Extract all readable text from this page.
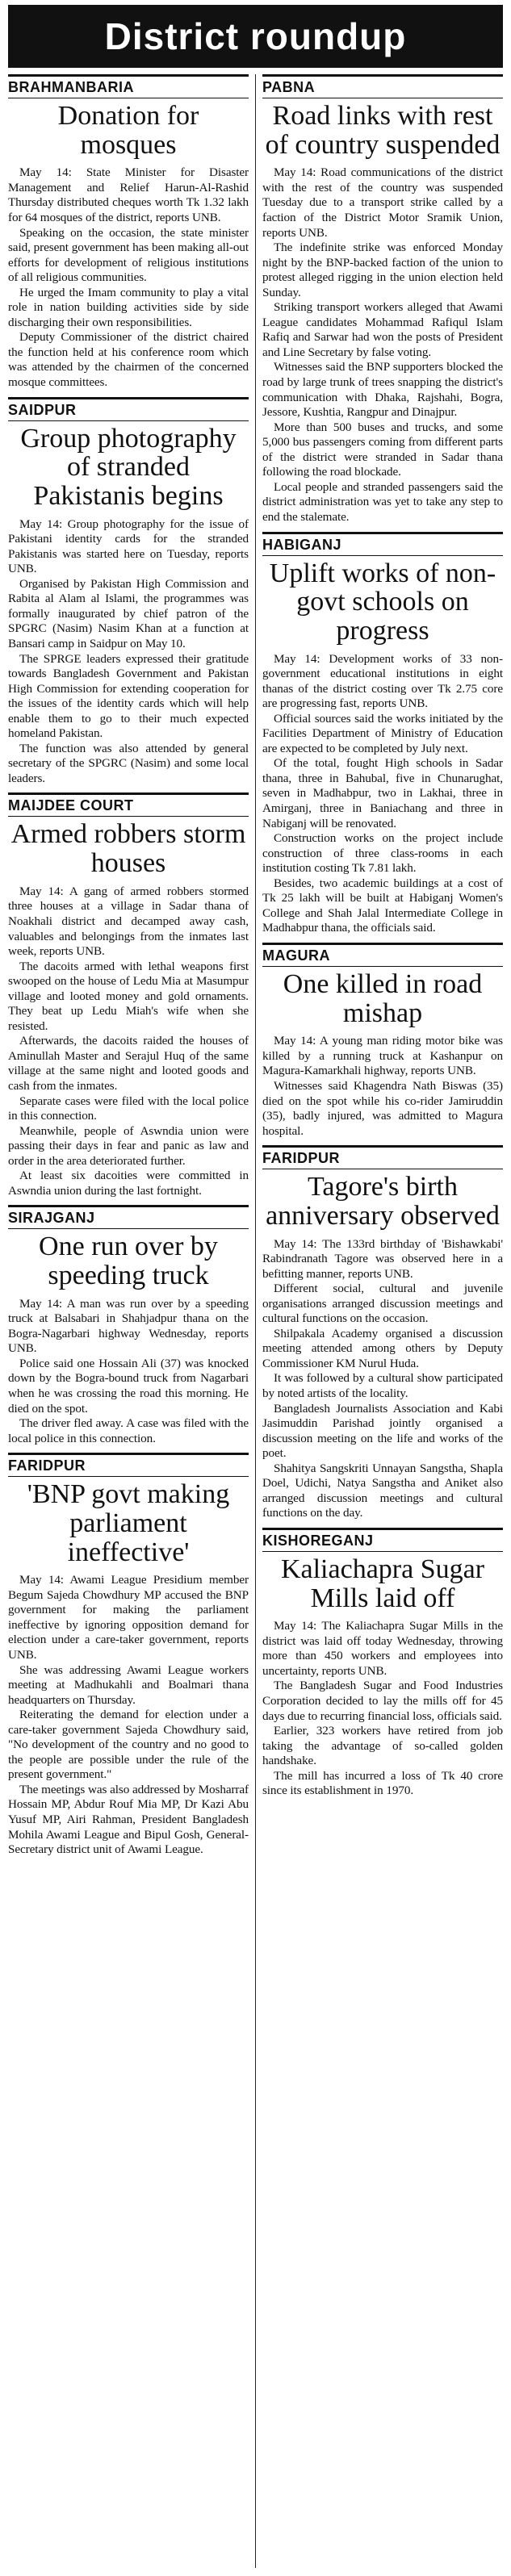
District roundup
BRAHMANBARIA
Donation for mosques

May 14: State Minister for Disaster Management and Relief Harun-Al-Rashid Thursday distributed cheques worth Tk 1.32 lakh for 64 mosques of the district, reports UNB.

Speaking on the occasion, the state minister said, present government has been making all-out efforts for development of religious institutions of all religious communities.

He urged the Imam community to play a vital role in nation building activities side by side discharging their own responsibilities.

Deputy Commissioner of the district chaired the function held at his conference room which was attended by the chairmen of the concerned mosque committees.

SAIDPUR
Group photography of stranded Pakistanis begins

May 14: Group photography for the issue of Pakistani identity cards for the stranded Pakistanis was started here on Tuesday, reports UNB.

Organised by Pakistan High Commission and Rabita al Alam al Islami, the programmes was formally inaugurated by chief patron of the SPGRC (Nasim) Nasim Khan at a function at Bansari camp in Saidpur on May 10.

The SPRGE leaders expressed their gratitude towards Bangladesh Government and Pakistan High Commission for extending cooperation for the issues of the identity cards which will help enable them to go to their much expected homeland Pakistan.

The function was also attended by general secretary of the SPGRC (Nasim) and some local leaders.

MAIJDEE COURT
Armed robbers storm houses

May 14: A gang of armed robbers stormed three houses at a village in Sadar thana of Noakhali district and decamped away cash, valuables and belongings from the inmates last week, reports UNB.

The dacoits armed with lethal weapons first swooped on the house of Ledu Mia at Masumpur village and looted money and gold ornaments. They beat up Ledu Miah's wife when she resisted.

Afterwards, the dacoits raided the houses of Aminullah Master and Serajul Huq of the same village at the same night and looted goods and cash from the inmates.

Separate cases were filed with the local police in this connection.

Meanwhile, people of Aswndia union were passing their days in fear and panic as law and order in the area deteriorated further.

At least six dacoities were committed in Aswndia union during the last fortnight.

SIRAJGANJ
One run over by speeding truck

May 14: A man was run over by a speeding truck at Balsabari in Shahjadpur thana on the Bogra-Nagarbari highway Wednesday, reports UNB.

Police said one Hossain Ali (37) was knocked down by the Bogra-bound truck from Nagarbari when he was crossing the road this morning. He died on the spot.

The driver fled away. A case was filed with the local police in this connection.

FARIDPUR
'BNP govt making parliament ineffective'

May 14: Awami League Presidium member Begum Sajeda Chowdhury MP accused the BNP government for making the parliament ineffective by ignoring opposition demand for election under a care-taker government, reports UNB.

She was addressing Awami League workers meeting at Madhukahli and Boalmari thana headquarters on Thursday.

Reiterating the demand for election under a care-taker government Sajeda Chowdhury said, "No development of the country and no good to the people are possible under the rule of the present government."

The meetings was also addressed by Mosharraf Hossain MP, Abdur Rouf Mia MP, Dr Kazi Abu Yusuf MP, Airi Rahman, President Bangladesh Mohila Awami League and Bipul Gosh, General-Secretary district unit of Awami League.

PABNA
Road links with rest of country suspended

May 14: Road communications of the district with the rest of the country was suspended Tuesday due to a transport strike called by a faction of the District Motor Sramik Union, reports UNB.

The indefinite strike was enforced Monday night by the BNP-backed faction of the union to protest alleged rigging in the union election held Sunday.

Striking transport workers alleged that Awami League candidates Mohammad Rafiqul Islam Rafiq and Sarwar had won the posts of President and Line Secretary by false voting.

Witnesses said the BNP supporters blocked the road by large trunk of trees snapping the district's communication with Dhaka, Rajshahi, Bogra, Jessore, Kushtia, Rangpur and Dinajpur.

More than 500 buses and trucks, and some 5,000 bus passengers coming from different parts of the district were stranded in Sadar thana following the road blockade.

Local people and stranded passengers said the district administration was yet to take any step to end the stalemate.

HABIGANJ
Uplift works of non-govt schools on progress

May 14: Development works of 33 non-government educational institutions in eight thanas of the district costing over Tk 2.75 core are progressing fast, reports UNB.

Official sources said the works initiated by the Facilities Department of Ministry of Education are expected to be completed by July next.

Of the total, fought High schools in Sadar thana, three in Bahubal, five in Chunarughat, seven in Madhabpur, two in Lakhai, three in Amirganj, three in Baniachang and three in Nabiganj will be renovated.

Construction works on the project include construction of three class-rooms in each institution costing Tk 7.81 lakh.

Besides, two academic buildings at a cost of Tk 25 lakh will be built at Habiganj Women's College and Shah Jalal Intermediate College in Madhabpur thana, the officials said.

MAGURA
One killed in road mishap

May 14: A young man riding motor bike was killed by a running truck at Kashanpur on Magura-Kamarkhali highway, reports UNB.

Witnesses said Khagendra Nath Biswas (35) died on the spot while his co-rider Jamiruddin (35), badly injured, was admitted to Magura hospital.

FARIDPUR
Tagore's birth anniversary observed

May 14: The 133rd birthday of 'Bishawkabi' Rabindranath Tagore was observed here in a befitting manner, reports UNB.

Different social, cultural and juvenile organisations arranged discussion meetings and cultural functions on the occasion.

Shilpakala Academy organised a discussion meeting attended among others by Deputy Commissioner KM Nurul Huda.

It was followed by a cultural show participated by noted artists of the locality.

Bangladesh Journalists Association and Kabi Jasimuddin Parishad jointly organised a discussion meeting on the life and works of the poet.

Shahitya Sangskriti Unnayan Sangstha, Shapla Doel, Udichi, Natya Sangstha and Aniket also arranged discussion meetings and cultural functions on the day.

KISHOREGANJ
Kaliachapra Sugar Mills laid off

May 14: The Kaliachapra Sugar Mills in the district was laid off today Wednesday, throwing more than 450 workers and employees into uncertainty, reports UNB.

The Bangladesh Sugar and Food Industries Corporation decided to lay the mills off for 45 days due to recurring financial loss, officials said.

Earlier, 323 workers have retired from job taking the advantage of so-called golden handshake.

The mill has incurred a loss of Tk 40 crore since its establishment in 1970.
